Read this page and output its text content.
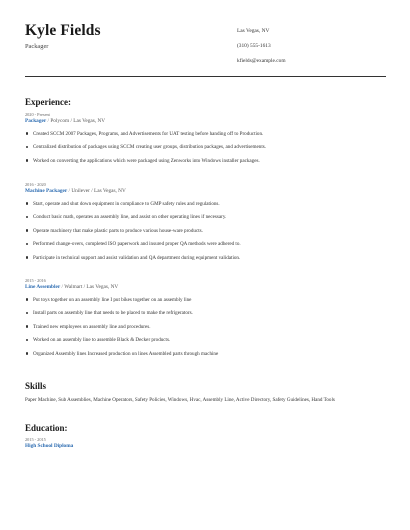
Kyle Fields
Packager
Las Vegas, NV
(310) 555-1613
kfields@example.com
Experience:
2020 - Present
Packager / Polycom / Las Vegas, NV
Created SCCM 2007 Packages, Programs, and Advertisements for UAT testing before handing off to Production.
Centralized distribution of packages using SCCM creating user groups, distribution packages, and advertisements.
Worked on converting the applications which were packaged using Zenworks into Windows installer packages.
2016 - 2020
Machine Packager / Unilever / Las Vegas, NV
Start, operate and shut down equipment in compliance to GMP safety rules and regulations.
Conduct basic math, operates an assembly line, and assist on other operating lines if necessary.
Operate machinery that make plastic parts to produce various house-ware products.
Performed change-overs, completed ISO paperwork and insured proper QA methods were adhered to.
Participate in technical support and assist validation and QA department during equipment validation.
2015 - 2016
Line Assembler / Walmart / Las Vegas, NV
Put toys together on an assembly line I put bikes together on an assembly line
Install parts on assembly line that needs to be placed to make the refrigerators.
Trained new employees on assembly line and procedures.
Worked on an assembly line to assemble Black & Decker products.
Organized Assembly lines Increased production on lines Assembled parts through machine
Skills
Paper Machine, Sub Assemblies, Machine Operators, Safety Policies, Windows, Hvac, Assembly Line, Active Directory, Safety Guidelines, Hand Tools
Education:
2015 - 2015
High School Diploma
